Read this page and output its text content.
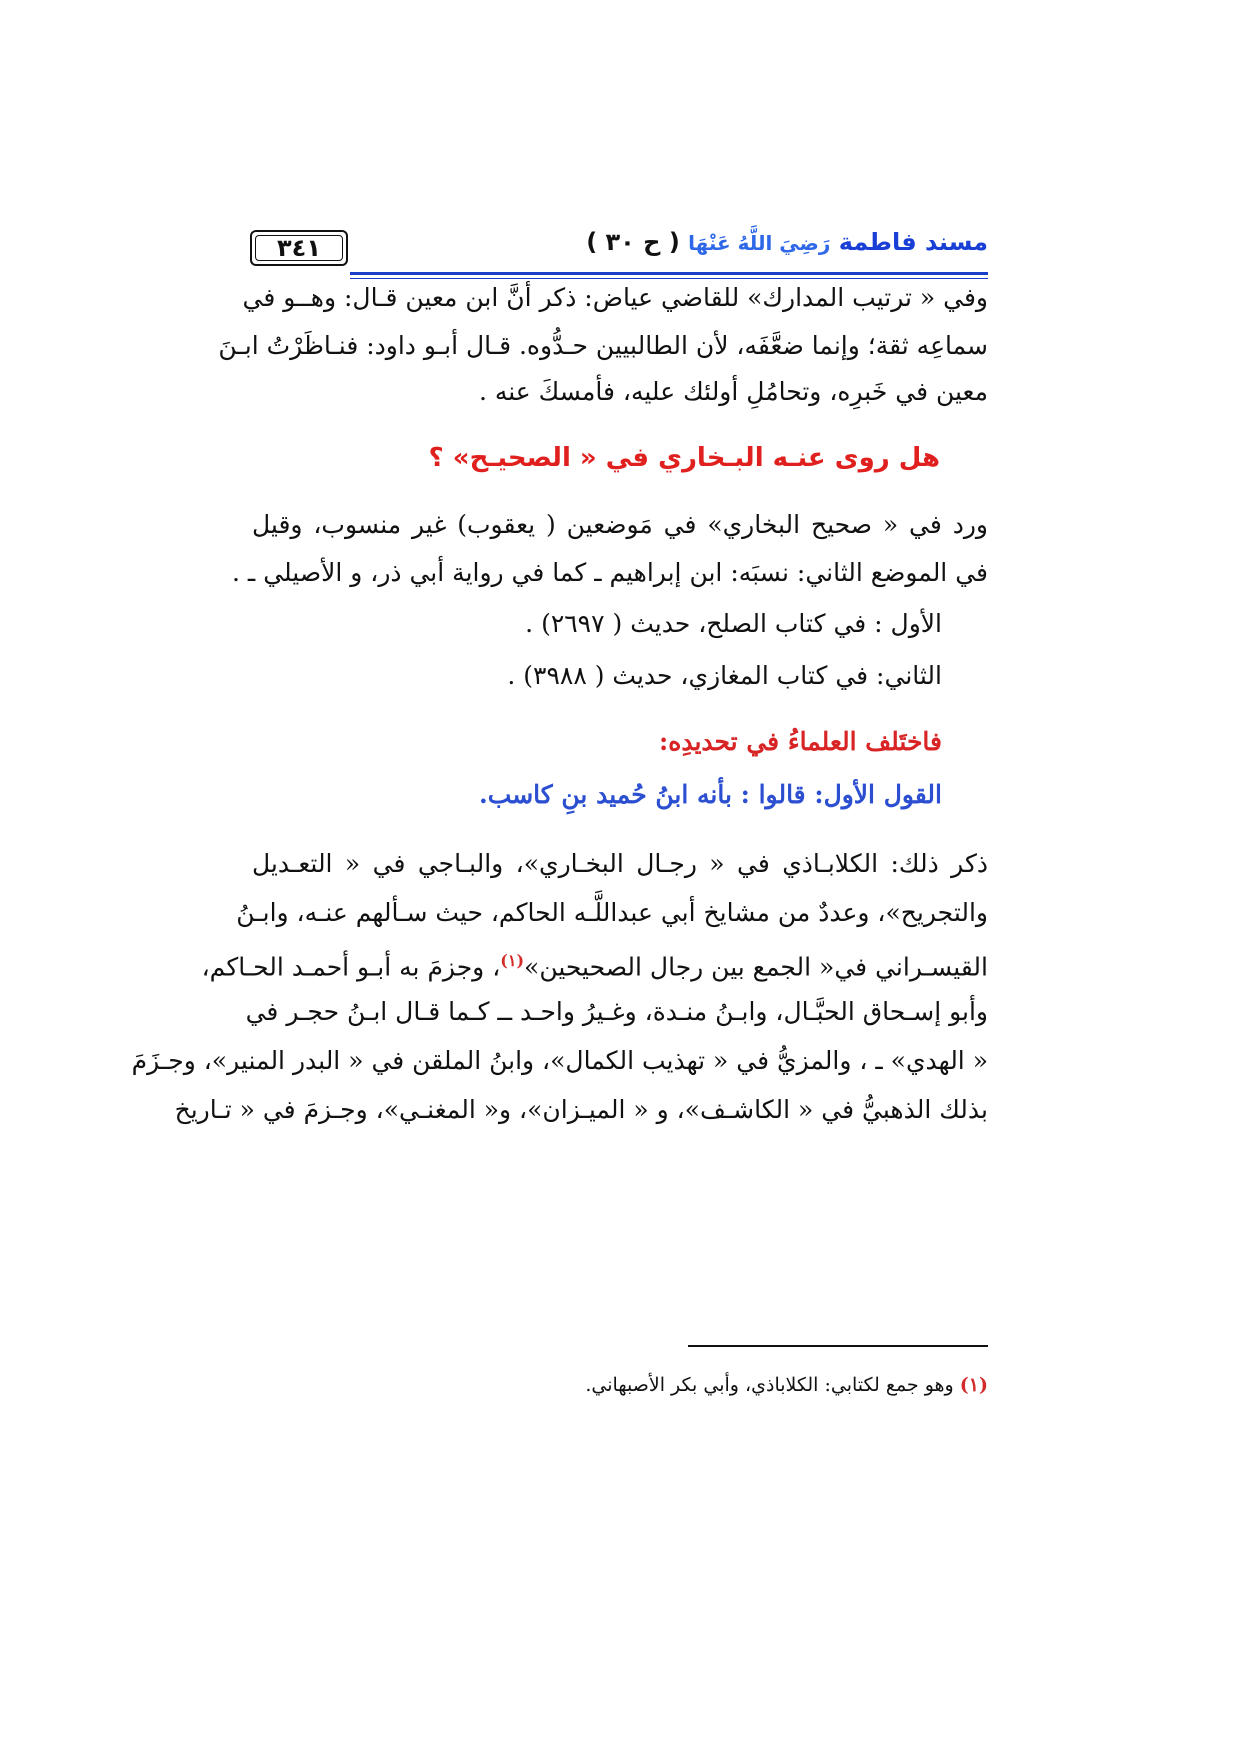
٣٤١	مسند فاطمة رَضِيَ اللَّهُ عَنْهَا ( ح ٣٠ )
وفي « ترتيب المدارك» للقاضي عياض: ذكر أنَّ ابن معين قـال: وهــو في
سماعِه ثقة؛ وإنما ضعَّفَه، لأن الطالبيين حـدُّوه. قـال أبـو داود: فنـاظَرْتُ ابـنَ
معين في خَبرِه، وتحامُلِ أولئك عليه، فأمسكَ عنه .
هل روى عنـه البـخاري في « الصحيـح» ؟
ورد في « صحيح البخاري» في مَوضعين ( يعقوب) غير منسوب، وقيل
في الموضع الثاني: نسبَه: ابن إبراهيم ـ كما في رواية أبي ذر، و الأصيلي ـ .
الأول : في كتاب الصلح، حديث ( ٢٦٩٧) .
الثاني: في كتاب المغازي، حديث ( ٣٩٨٨) .
فاختَلف العلماءُ في تحديدِه:
القول الأول: قالوا : بأنه ابنُ حُميد بنِ كاسب.
ذكر ذلك: الكلابـاذي في « رجـال البخـاري»، والبـاجي في « التعـديل
والتجريح»، وعددٌ من مشايخ أبي عبداللَّـه الحاكم، حيث سـألهم عنـه، وابـنُ
القيسـراني في« الجمع بين رجال الصحيحين»$^{(١)}$، وجزمَ به أبـو أحمـد الحـاكم،
وأبو إسـحاق الحبَّـال، وابـنُ منـدة، وغـيرُ واحـد ــ كـما قـال ابـنُ حجـر في
« الهدي» ـ ، والمزيُّ في « تهذيب الكمال»، وابنُ الملقن في « البدر المنير»، وجـزَمَ
بذلك الذهبيُّ في « الكاشـف»، و « الميـزان»، و« المغنـي»، وجـزمَ في « تـاريخ
(١) وهو جمع لكتابي: الكلاباذي، وأبي بكر الأصبهاني.
